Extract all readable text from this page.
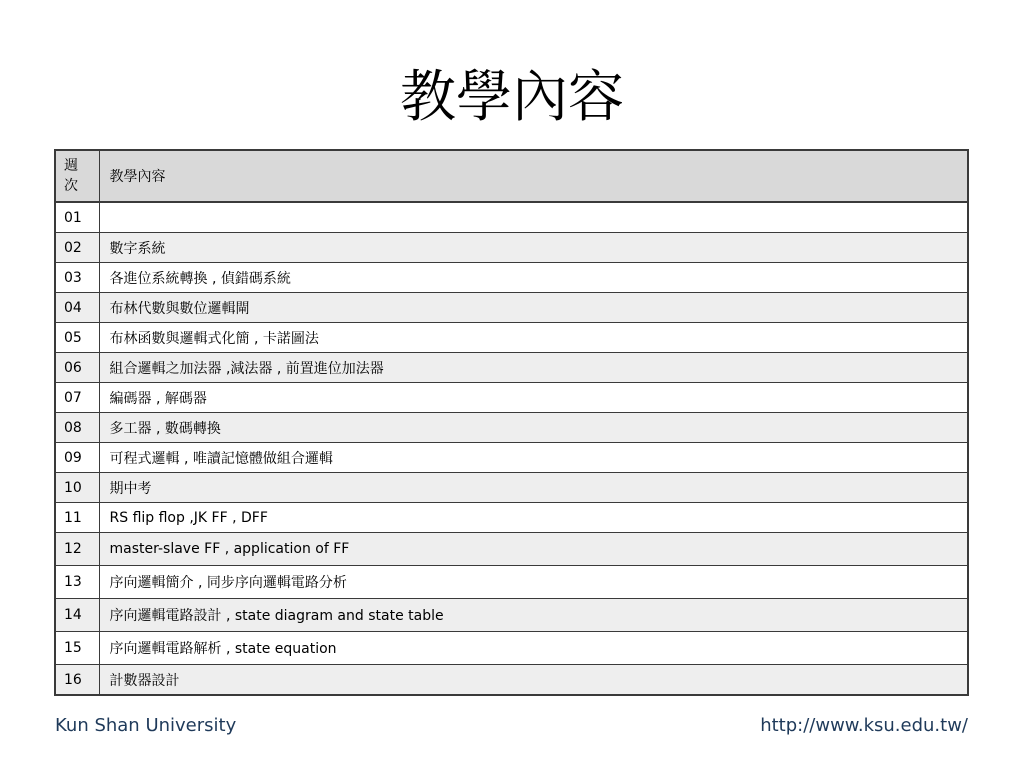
教學內容
週
次	教學內容
01	
02	數字系統
03	各進位系統轉換 , 偵錯碼系統
04	布林代數與數位邏輯閘
05	布林函數與邏輯式化簡 , 卡諾圖法
06	組合邏輯之加法器 ,減法器 , 前置進位加法器
07	編碼器 , 解碼器
08	多工器 , 數碼轉換
09	可程式邏輯 , 唯讀記憶體做組合邏輯
10	期中考
11	RS flip flop ,JK FF , DFF
12	master-slave FF , application of FF
13	序向邏輯簡介 , 同步序向邏輯電路分析
14	序向邏輯電路設計 , state diagram and state table
15	序向邏輯電路解析 , state equation
16	計數器設計
Kun Shan University	http://www.ksu.edu.tw/
